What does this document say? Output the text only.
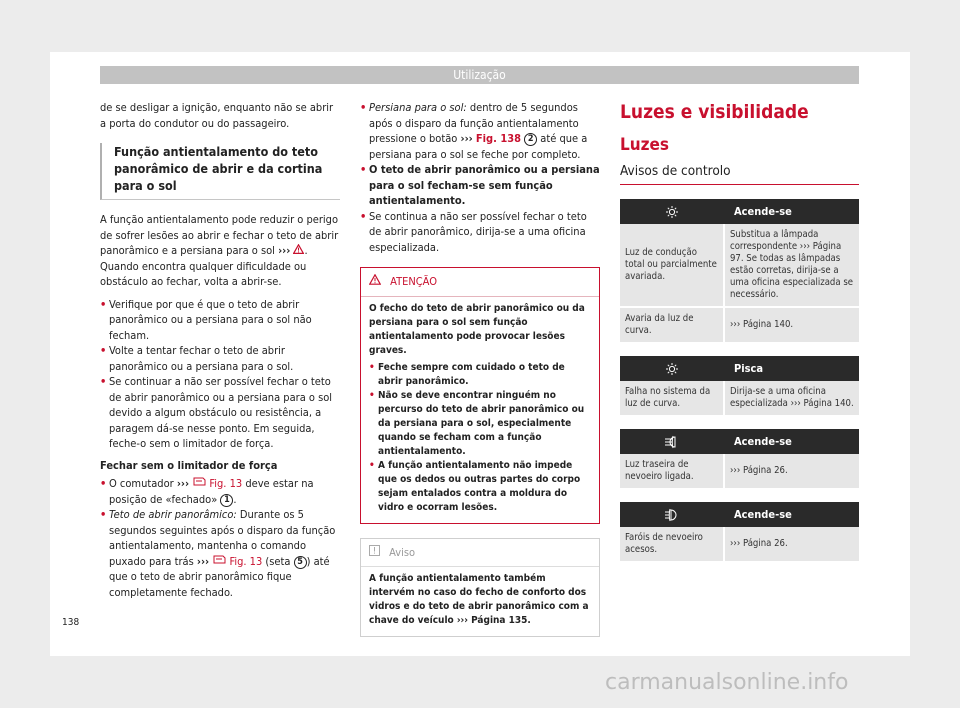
Utilização

de se desligar a ignição, enquanto não se abrir a porta do condutor ou do passageiro.

Função antientalamento do teto panorâmico de abrir e da cortina para o sol

A função antientalamento pode reduzir o perigo de sofrer lesões ao abrir e fechar o teto de abrir panorâmico e a persiana para o sol ››› . Quando encontra qualquer dificuldade ou obstáculo ao fechar, volta a abrir-se.

• Verifique por que é que o teto de abrir panorâmico ou a persiana para o sol não fecham.
• Volte a tentar fechar o teto de abrir panorâmico ou a persiana para o sol.
• Se continuar a não ser possível fechar o teto de abrir panorâmico ou a persiana para o sol devido a algum obstáculo ou resistência, a paragem dá-se nesse ponto. Em seguida, feche-o sem o limitador de força.

Fechar sem o limitador de força

• O comutador ››› Fig. 13 deve estar na posição de «fechado» 1 .
• Teto de abrir panorâmico: Durante os 5 segundos seguintes após o disparo da função antientalamento, mantenha o comando puxado para trás ››› Fig. 13 (seta 5 ) até que o teto de abrir panorâmico fique completamente fechado.
• Persiana para o sol: dentro de 5 segundos após o disparo da função antientalamento pressione o botão ››› Fig. 138 2 até que a persiana para o sol se feche por completo.
• O teto de abrir panorâmico ou a persiana para o sol fecham-se sem função antientalamento.
• Se continua a não ser possível fechar o teto de abrir panorâmico, dirija-se a uma oficina especializada.
ATENÇÃO

O fecho do teto de abrir panorâmico ou da persiana para o sol sem função antientalamento pode provocar lesões graves.

• Feche sempre com cuidado o teto de abrir panorâmico.
• Não se deve encontrar ninguém no percurso do teto de abrir panorâmico ou da persiana para o sol, especialmente quando se fecham com a função antientalamento.
• A função antientalamento não impede que os dedos ou outras partes do corpo sejam entalados contra a moldura do vidro e ocorram lesões.
Aviso
A função antientalamento também intervém no caso do fecho de conforto dos vidros e do teto de abrir panorâmico com a chave do veículo ››› Página 135.
Luzes e visibilidade
Luzes
Avisos de controlo
	Acende-se
Luz de condução total ou parcialmente avariada.	Substitua a lâmpada correspondente ››› Página 97. Se todas as lâmpadas estão corretas, dirija-se a uma oficina especializada se necessário.
Avaria da luz de curva.	››› Página 140.
	Pisca
Falha no sistema da luz de curva.	Dirija-se a uma oficina especializada ››› Página 140.
	Acende-se
Luz traseira de nevoeiro ligada.	››› Página 26.
	Acende-se
Faróis de nevoeiro acesos.	››› Página 26.
138
carmanualsonline.info
